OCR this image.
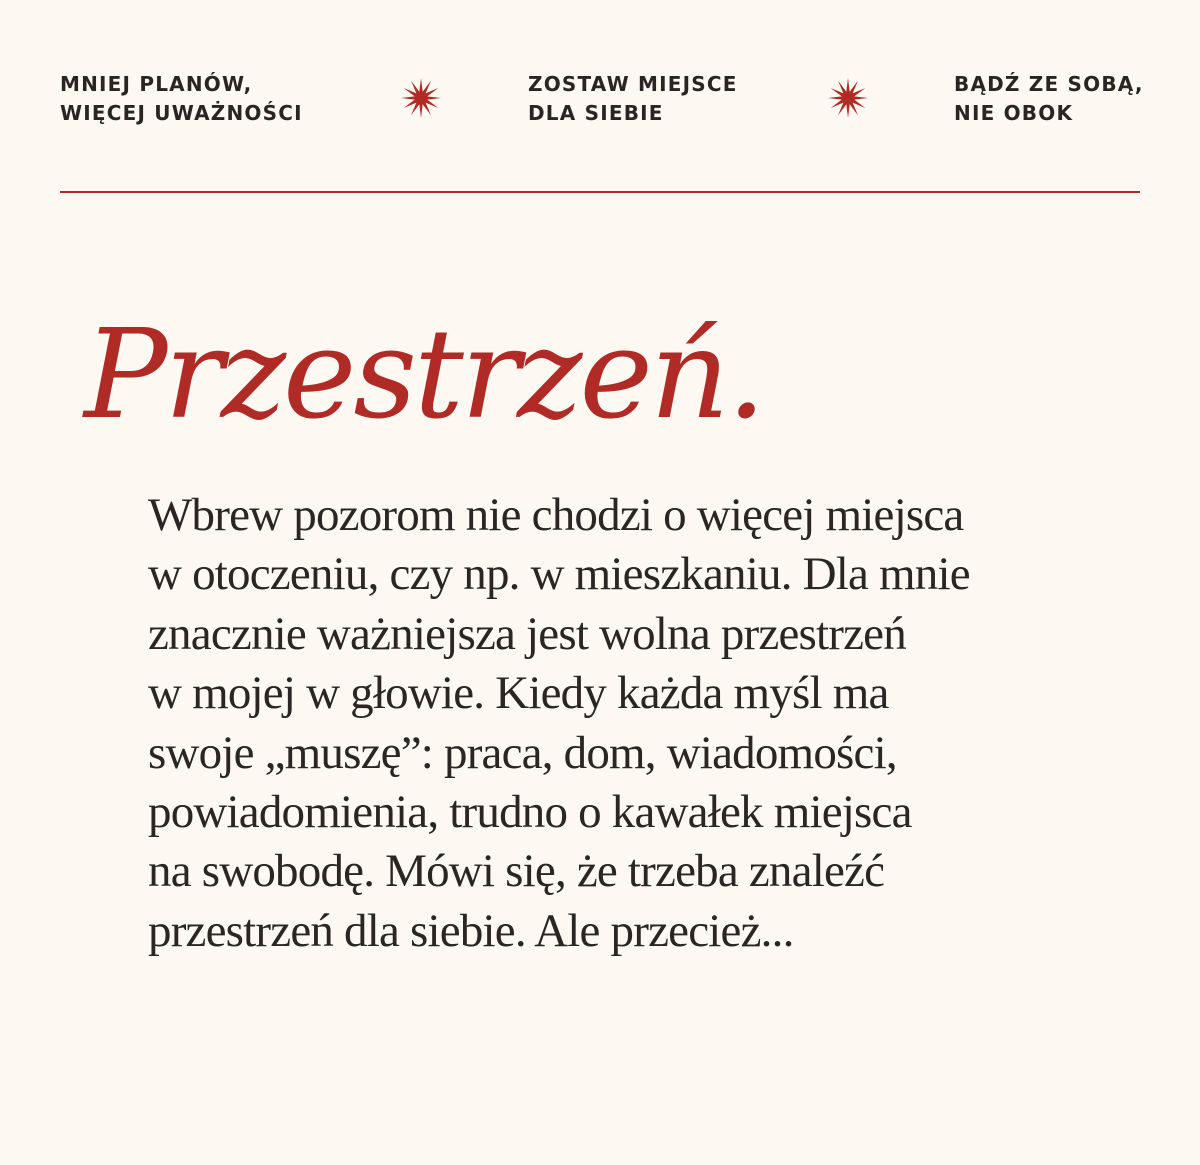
MNIEJ PLANÓW,
WIĘCEJ UWAŻNOŚCI
ZOSTAW MIEJSCE
DLA SIEBIE
BĄDŹ ZE SOBĄ,
NIE OBOK
Przestrzeń.
Wbrew pozorom nie chodzi o więcej miejsca
w otoczeniu, czy np. w mieszkaniu. Dla mnie
znacznie ważniejsza jest wolna przestrzeń
w mojej w głowie. Kiedy każda myśl ma
swoje „muszę”: praca, dom, wiadomości,
powiadomienia, trudno o kawałek miejsca
na swobodę. Mówi się, że trzeba znaleźć
przestrzeń dla siebie. Ale przecież...
